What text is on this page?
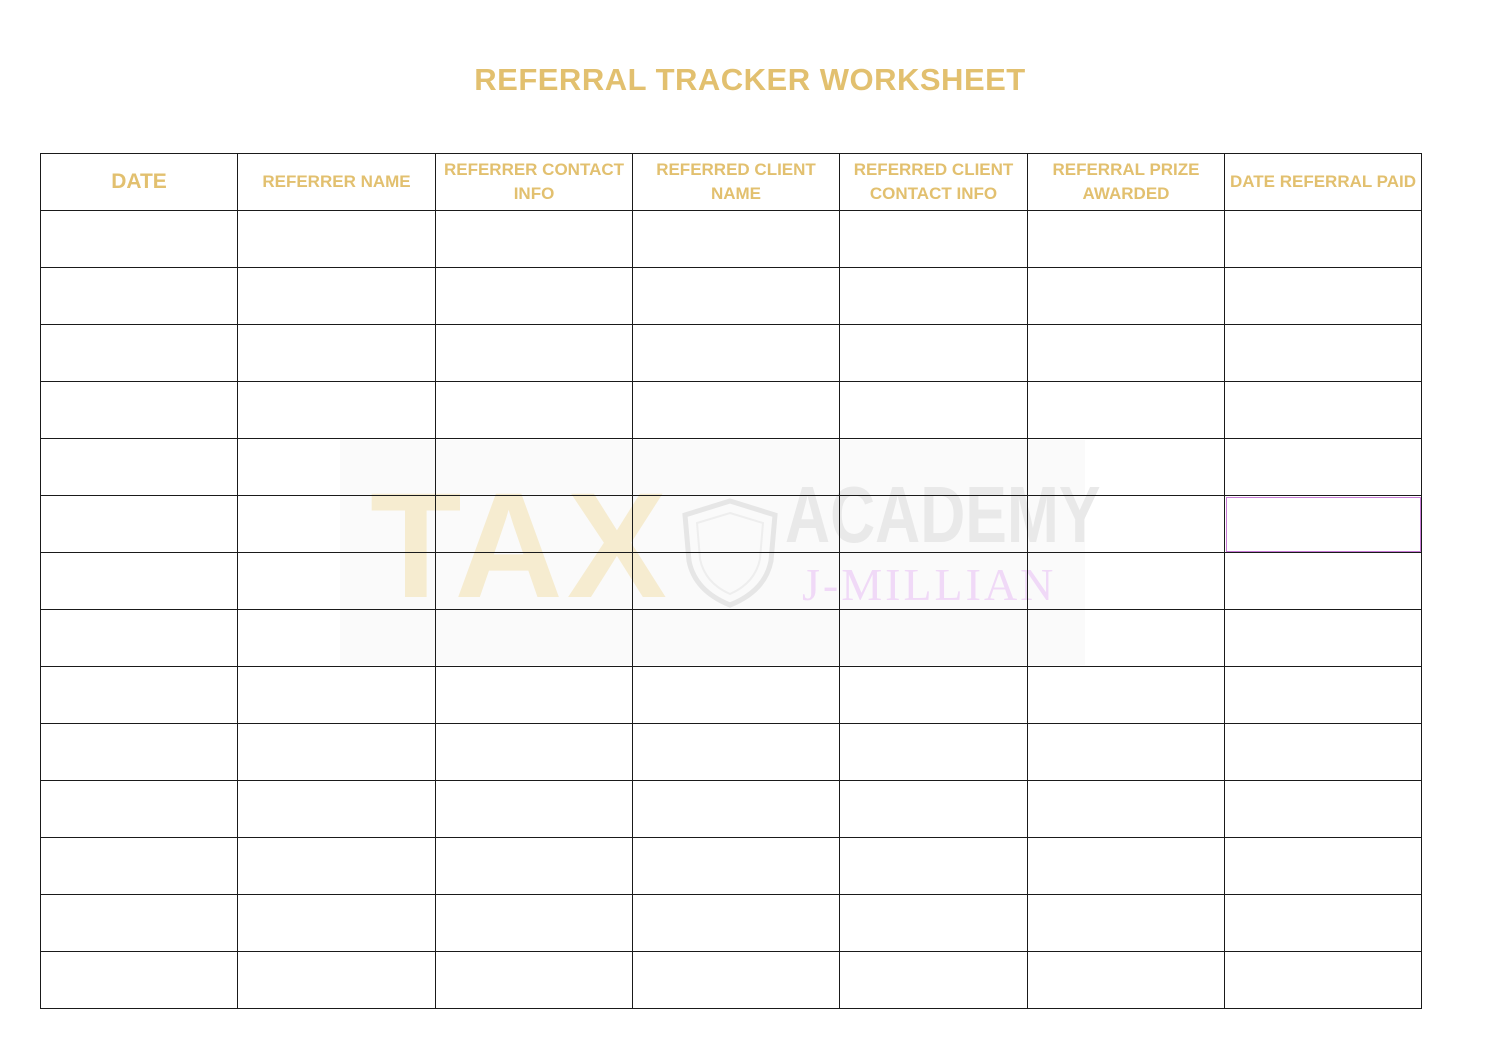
REFERRAL TRACKER WORKSHEET
TAX ACADEMY
J-MILLIAN
DATE	REFERRER NAME	REFERRER CONTACT INFO	REFERRED CLIENT NAME	REFERRED CLIENT CONTACT INFO	REFERRAL PRIZE AWARDED	DATE REFERRAL PAID
